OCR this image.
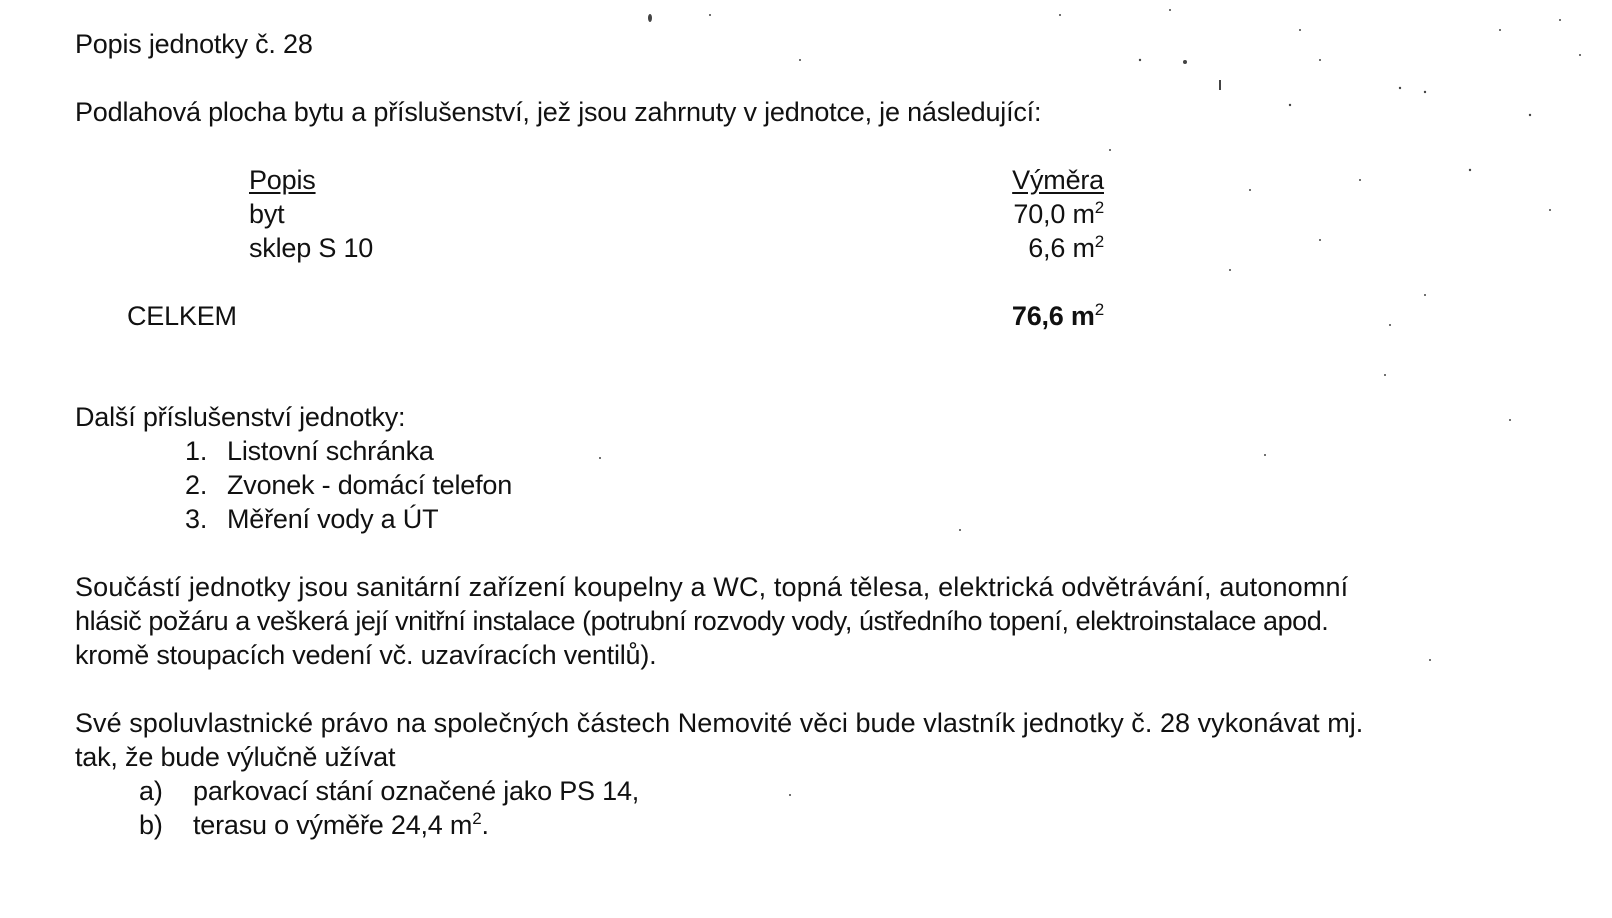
Popis jednotky č. 28
Podlahová plocha bytu a příslušenství, jež jsou zahrnuty v jednotce, je následující:
Popis	Výměra
byt	70,0 $m^2$
sklep S 10	6,6 $m^2$
CELKEM	76,6 $m^2$
Další příslušenství jednotky:
1. Listovní schránka
2. Zvonek - domácí telefon
3. Měření vody a ÚT
Součástí jednotky jsou sanitární zařízení koupelny a WC, topná tělesa, elektrická odvětrávání, autonomní
hlásič požáru a veškerá její vnitřní instalace (potrubní rozvody vody, ústředního topení, elektroinstalace apod.
kromě stoupacích vedení vč. uzavíracích ventilů).
Své spoluvlastnické právo na společných částech Nemovité věci bude vlastník jednotky č. 28 vykonávat mj.
tak, že bude výlučně užívat
a) parkovací stání označené jako PS 14,
b) terasu o výměře 24,4 $m^2$.
